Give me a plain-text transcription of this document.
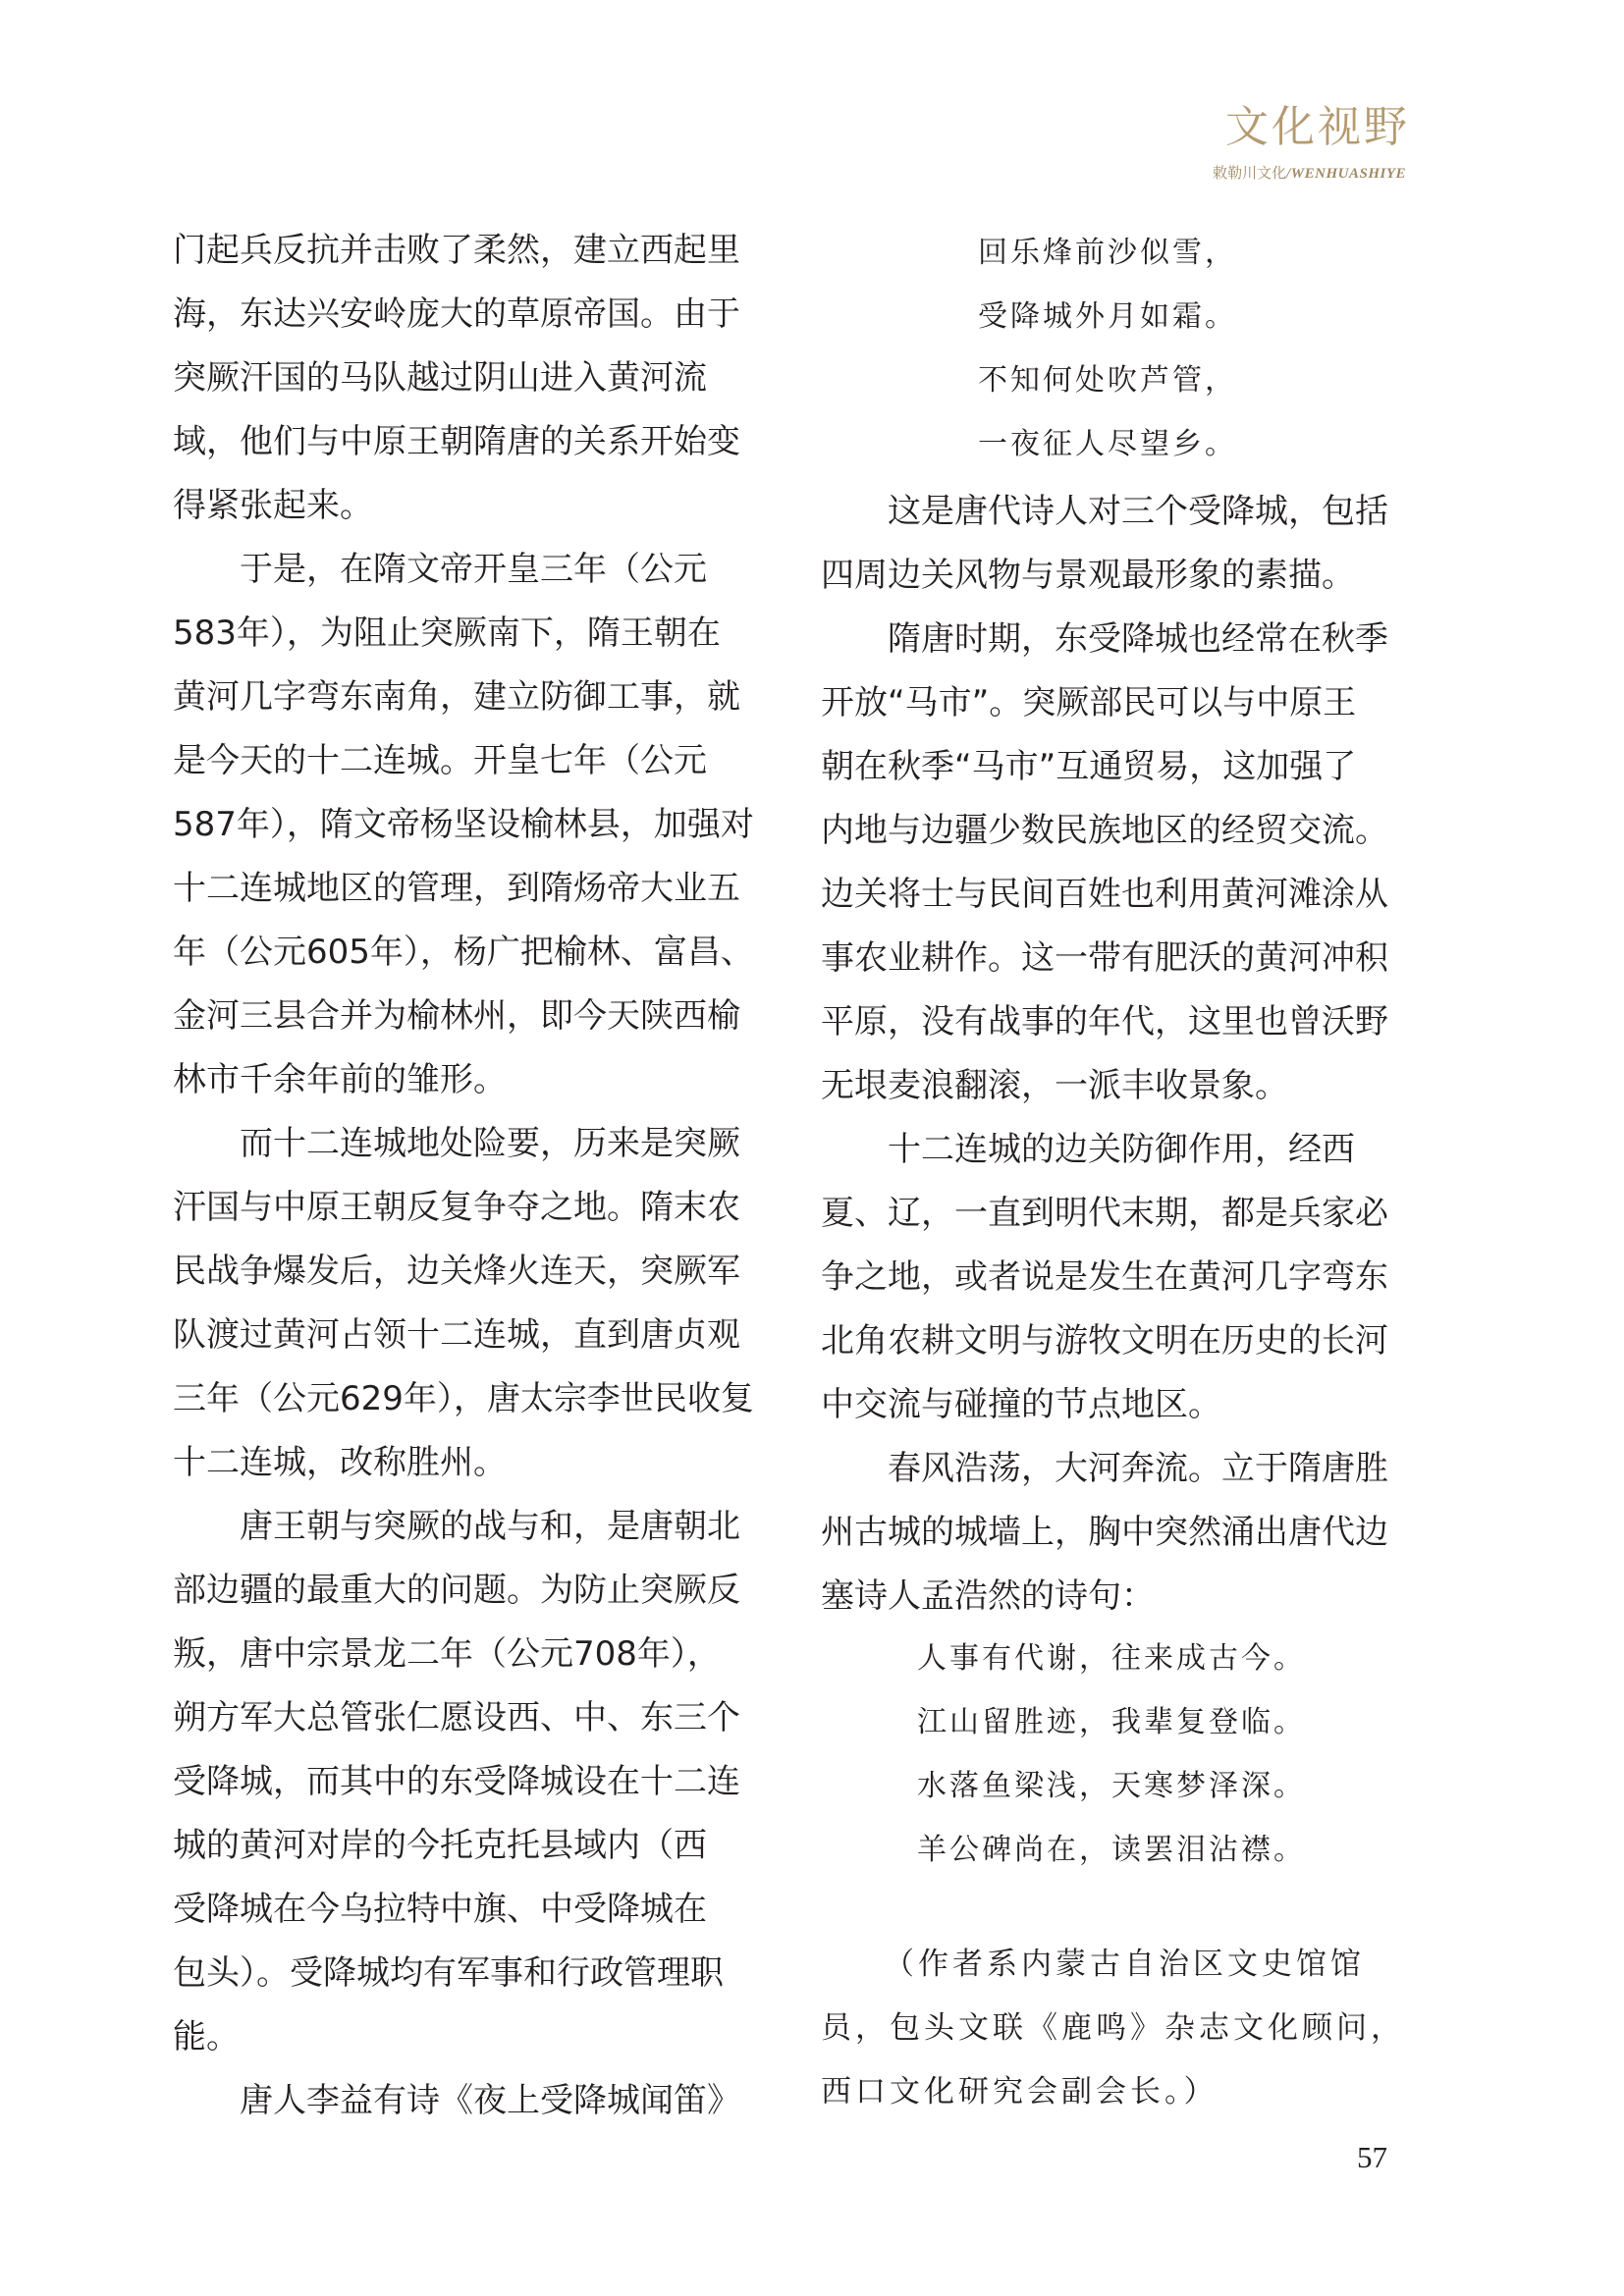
文化视野
敕勒川文化/WENHUASHIYE
门起兵反抗并击败了柔然，建立西起里
海，东达兴安岭庞大的草原帝国。由于
突厥汗国的马队越过阴山进入黄河流
域，他们与中原王朝隋唐的关系开始变
得紧张起来。
于是，在隋文帝开皇三年（公元
583年），为阻止突厥南下，隋王朝在
黄河几字弯东南角，建立防御工事，就
是今天的十二连城。开皇七年（公元
587年），隋文帝杨坚设榆林县，加强对
十二连城地区的管理，到隋炀帝大业五
年（公元605年），杨广把榆林、富昌、
金河三县合并为榆林州，即今天陕西榆
林市千余年前的雏形。
而十二连城地处险要，历来是突厥
汗国与中原王朝反复争夺之地。隋末农
民战争爆发后，边关烽火连天，突厥军
队渡过黄河占领十二连城，直到唐贞观
三年（公元629年），唐太宗李世民收复
十二连城，改称胜州。
唐王朝与突厥的战与和，是唐朝北
部边疆的最重大的问题。为防止突厥反
叛，唐中宗景龙二年（公元708年），
朔方军大总管张仁愿设西、中、东三个
受降城，而其中的东受降城设在十二连
城的黄河对岸的今托克托县域内（西
受降城在今乌拉特中旗、中受降城在
包头）。受降城均有军事和行政管理职
能。
唐人李益有诗《夜上受降城闻笛》
回乐烽前沙似雪，
受降城外月如霜。
不知何处吹芦管，
一夜征人尽望乡。
这是唐代诗人对三个受降城，包括
四周边关风物与景观最形象的素描。
隋唐时期，东受降城也经常在秋季
开放“马市”。突厥部民可以与中原王
朝在秋季“马市”互通贸易，这加强了
内地与边疆少数民族地区的经贸交流。
边关将士与民间百姓也利用黄河滩涂从
事农业耕作。这一带有肥沃的黄河冲积
平原，没有战事的年代，这里也曾沃野
无垠麦浪翻滚，一派丰收景象。
十二连城的边关防御作用，经西
夏、辽，一直到明代末期，都是兵家必
争之地，或者说是发生在黄河几字弯东
北角农耕文明与游牧文明在历史的长河
中交流与碰撞的节点地区。
春风浩荡，大河奔流。立于隋唐胜
州古城的城墙上，胸中突然涌出唐代边
塞诗人孟浩然的诗句：
人事有代谢，往来成古今。
江山留胜迹，我辈复登临。
水落鱼梁浅，天寒梦泽深。
羊公碑尚在，读罢泪沾襟。
（作者系内蒙古自治区文史馆馆
员，包头文联《鹿鸣》杂志文化顾问，
西口文化研究会副会长。）
57
